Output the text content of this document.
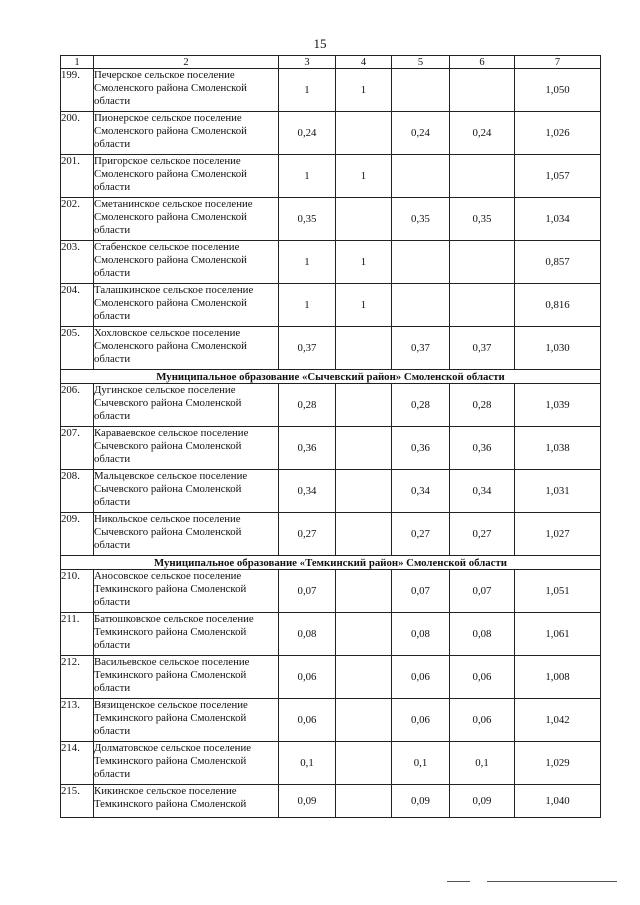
15
1	2	3	4	5	6	7
199.	Печерское сельское поселение
Смоленского района Смоленской
области	1	1			1,050
200.	Пионерское сельское поселение
Смоленского района Смоленской
области	0,24		0,24	0,24	1,026
201.	Пригорское сельское поселение
Смоленского района Смоленской
области	1	1			1,057
202.	Сметанинское сельское поселение
Смоленского района Смоленской
области	0,35		0,35	0,35	1,034
203.	Стабенское сельское поселение
Смоленского района Смоленской
области	1	1			0,857
204.	Талашкинское сельское поселение
Смоленского района Смоленской
области	1	1			0,816
205.	Хохловское сельское поселение
Смоленского района Смоленской
области	0,37		0,37	0,37	1,030
Муниципальное образование «Сычевский район» Смоленской области						
206.	Дугинское сельское поселение
Сычевского района Смоленской
области	0,28		0,28	0,28	1,039
207.	Караваевское сельское поселение
Сычевского района Смоленской
области	0,36		0,36	0,36	1,038
208.	Мальцевское сельское поселение
Сычевского района Смоленской
области	0,34		0,34	0,34	1,031
209.	Никольское сельское поселение
Сычевского района Смоленской
области	0,27		0,27	0,27	1,027
Муниципальное образование «Темкинский район» Смоленской области						
210.	Аносовское сельское поселение
Темкинского района Смоленской
области	0,07		0,07	0,07	1,051
211.	Батюшковское сельское поселение
Темкинского района Смоленской
области	0,08		0,08	0,08	1,061
212.	Васильевское сельское поселение
Темкинского района Смоленской
области	0,06		0,06	0,06	1,008
213.	Вязищенское сельское поселение
Темкинского района Смоленской
области	0,06		0,06	0,06	1,042
214.	Долматовское сельское поселение
Темкинского района Смоленской
области	0,1		0,1	0,1	1,029
215.	Кикинское сельское поселение
Темкинского района Смоленской	0,09		0,09	0,09	1,040
